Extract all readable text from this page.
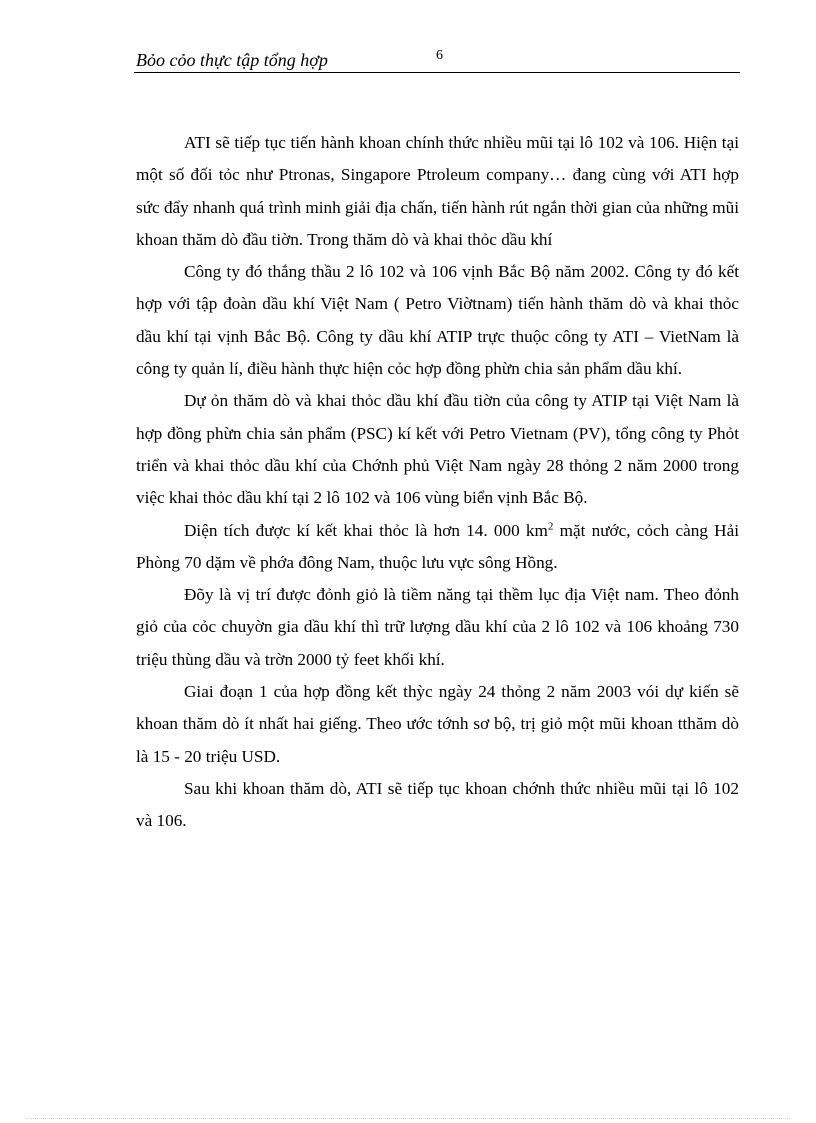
Bỏo cỏo thực tập tổng hợp	6

ATI sẽ tiếp tục tiến hành khoan chính thức nhiều mũi tại lô 102 và 106. Hiện tại một số đối tỏc như Ptronas, Singapore Ptroleum company… đang cùng với ATI hợp sức đẩy nhanh quá trình minh giải địa chấn, tiến hành rút ngắn thời gian của những mũi khoan thăm dò đầu tiờn. Trong thăm dò và khai thỏc dầu khí

Công ty đó thắng thầu 2 lô 102 và 106 vịnh Bắc Bộ năm 2002. Công ty đó kết hợp với tập đoàn dầu khí Việt Nam ( Petro Viờtnam) tiến hành thăm dò và khai thỏc dầu khí tại vịnh Bắc Bộ. Công ty dầu khí ATIP trực thuộc công ty ATI – VietNam là công ty quản lí, điều hành thực hiện cỏc hợp đồng phừn chia sản phẩm dầu khí.

Dự ỏn thăm dò và khai thỏc dầu khí đầu tiờn của công ty ATIP tại Việt Nam là hợp đồng phừn chia sản phẩm (PSC) kí kết với Petro Vietnam (PV), tổng công ty Phỏt triển và khai thỏc dầu khí của Chớnh phủ Việt Nam ngày 28 thỏng 2 năm 2000 trong việc khai thỏc dầu khí tại 2 lô 102 và 106 vùng biển vịnh Bắc Bộ.

Diện tích được kí kết khai thỏc là hơn 14. 000 $km^2$ mặt nước, cỏch càng Hải Phòng 70 dặm về phớa đông Nam, thuộc lưu vực sông Hồng.

Đõy là vị trí được đỏnh giỏ là tiềm năng tại thềm lục địa Việt nam. Theo đỏnh giỏ của cỏc chuyờn gia dầu khí thì trữ lượng dầu khí của 2 lô 102 và 106 khoảng 730 triệu thùng dầu và trờn 2000 tỷ feet khối khí.

Giai đoạn 1 của hợp đồng kết thỳc ngày 24 thỏng 2 năm 2003 vói dự kiến sẽ khoan thăm dò ít nhất hai giếng. Theo ước tớnh sơ bộ, trị giỏ một mũi khoan tthăm dò là 15 - 20 triệu USD.

Sau khi khoan thăm dò, ATI sẽ tiếp tục khoan chớnh thức nhiều mũi tại lô 102 và 106.
